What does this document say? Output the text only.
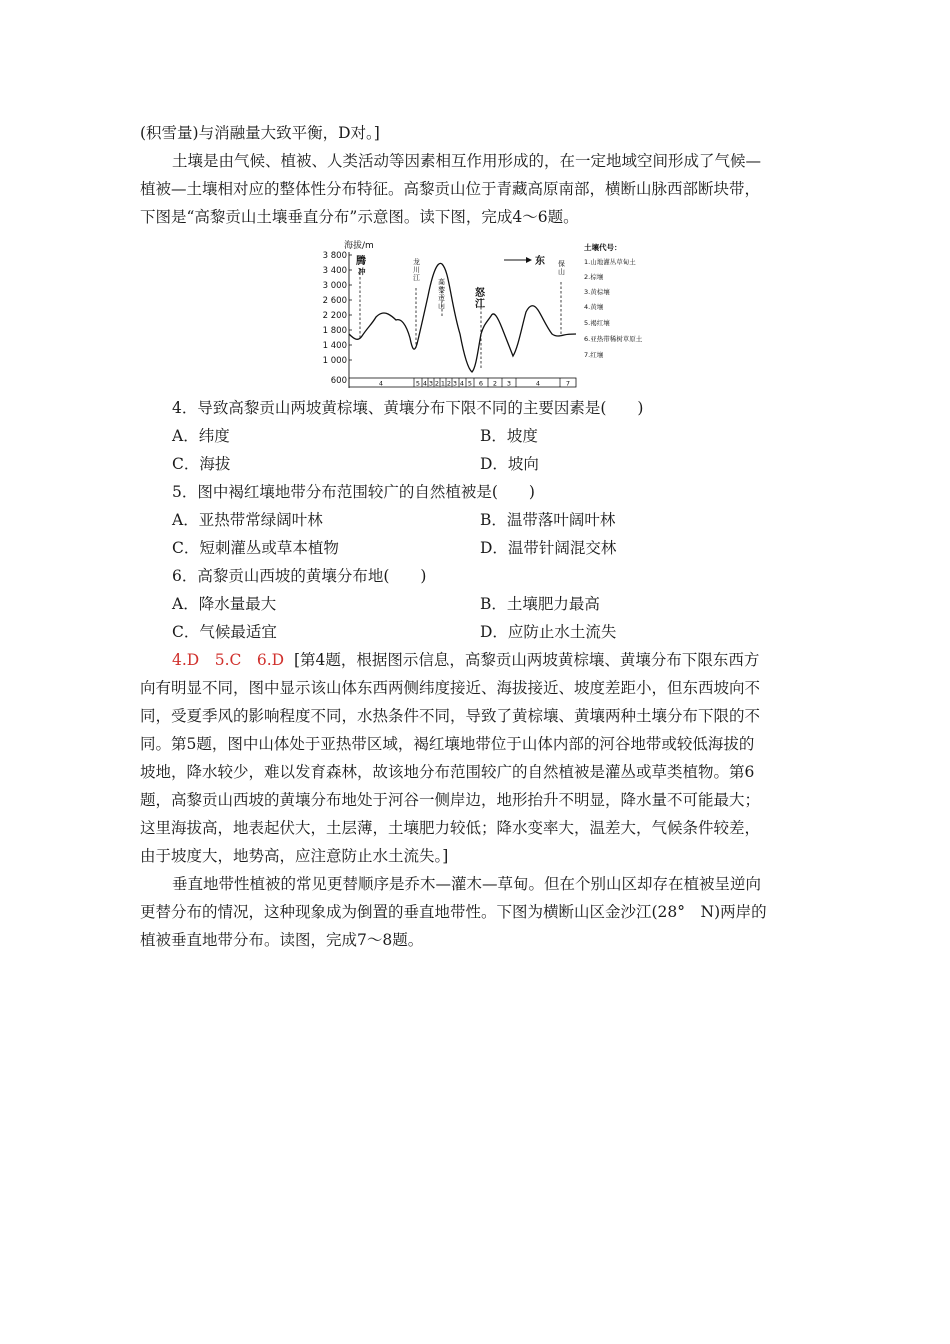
(积雪量)与消融量大致平衡，D对。]
土壤是由气候、植被、人类活动等因素相互作用形成的，在一定地域空间形成了气候—
植被—土壤相对应的整体性分布特征。高黎贡山位于青藏高原南部，横断山脉西部断块带，
下图是“高黎贡山土壤垂直分布”示意图。读下图，完成4～6题。
海拔/m
3 800
3 400
3 000
2 600
2 200
1 800
1 400
1 000
600
腾
冲
龙
川
江	高
黎
贡
山
保
山
怒
江
东
4	5 4 3 2 1 2 3 4 5 6 2 3	4	7
土壤代号：
1.山地灌丛草甸土
2.棕壤
3.黄棕壤
4.黄壤
5.褐红壤
6.亚热带稀树草原土
7.红壤
4．导致高黎贡山两坡黄棕壤、黄壤分布下限不同的主要因素是(　　)
A．纬度	B．坡度
C．海拔	D．坡向
5．图中褐红壤地带分布范围较广的自然植被是(　　)
A．亚热带常绿阔叶林	B．温带落叶阔叶林
C．短刺灌丛或草本植物	D．温带针阔混交林
6．高黎贡山西坡的黄壤分布地(　　)
A．降水量最大	B．土壤肥力最高
C．气候最适宜	D．应防止水土流失
4.D　5.C　6.D [第4题，根据图示信息，高黎贡山两坡黄棕壤、黄壤分布下限东西方
向有明显不同，图中显示该山体东西两侧纬度接近、海拔接近、坡度差距小，但东西坡向不
同，受夏季风的影响程度不同，水热条件不同，导致了黄棕壤、黄壤两种土壤分布下限的不
同。第5题，图中山体处于亚热带区域，褐红壤地带位于山体内部的河谷地带或较低海拔的
坡地，降水较少，难以发育森林，故该地分布范围较广的自然植被是灌丛或草类植物。第6
题，高黎贡山西坡的黄壤分布地处于河谷一侧岸边，地形抬升不明显，降水量不可能最大；
这里海拔高，地表起伏大，土层薄，土壤肥力较低；降水变率大，温差大，气候条件较差，
由于坡度大，地势高，应注意防止水土流失。]
垂直地带性植被的常见更替顺序是乔木—灌木—草甸。但在个别山区却存在植被呈逆向
更替分布的情况，这种现象成为倒置的垂直地带性。下图为横断山区金沙江(28°　N)两岸的
植被垂直地带分布。读图，完成7～8题。
